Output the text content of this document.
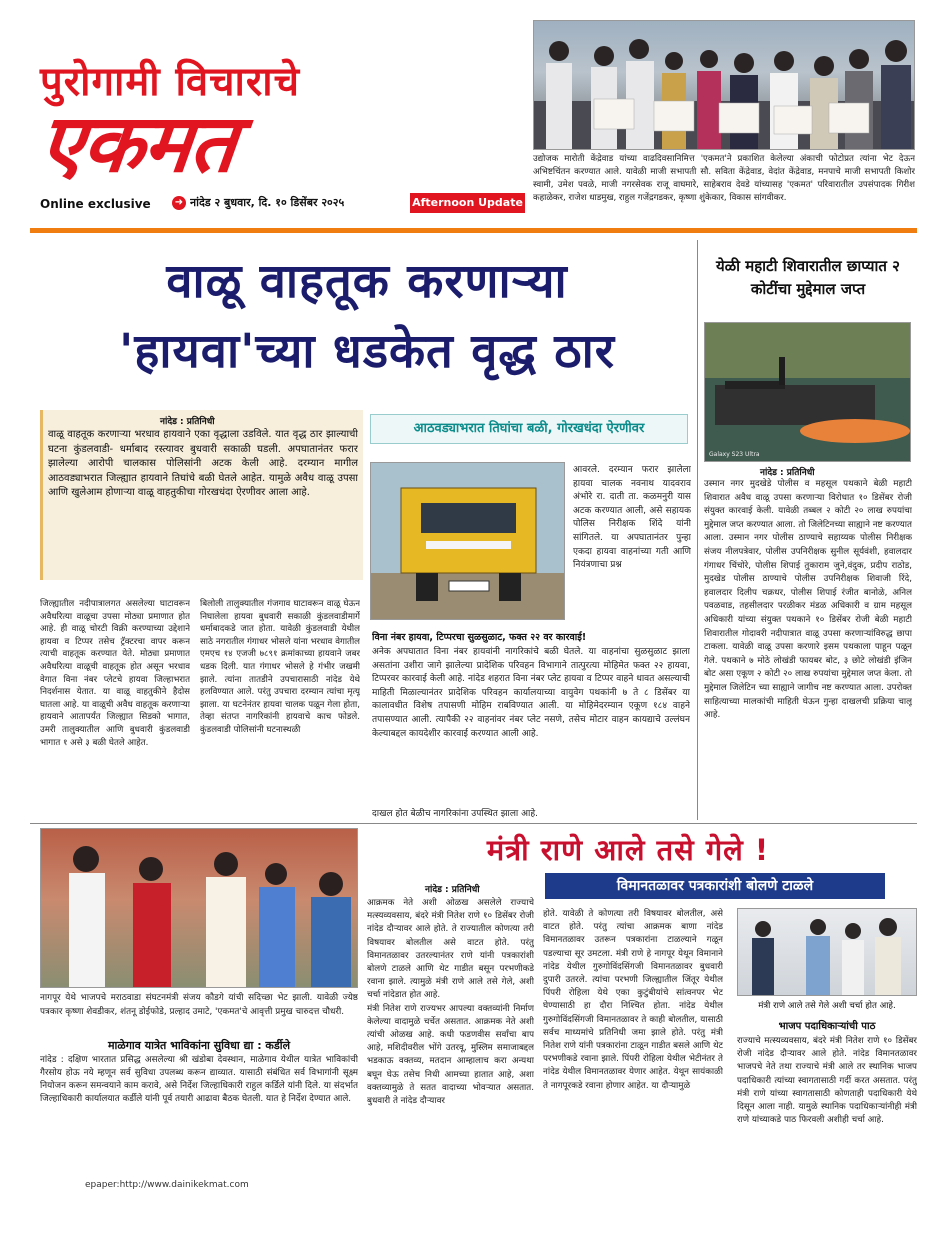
पुरोगामी विचाराचे
एकमत
Online exclusive ➜ नांदेड २ बुधवार, दि. १० डिसेंबर २०२५	Afternoon Update
उद्योजक मारोती केंद्रेवाड यांच्या वाढदिवसानिमित्त 'एकमत'ने प्रकाशित केलेल्या अंकाची फोटोप्रत त्यांना भेट देऊन अभिष्टचिंतन करण्यात आले. यावेळी माजी सभापती सौ. सविता केंद्रेवाड, वेदांत केंद्रेवाड, मनपाचे माजी सभापती किशोर स्वामी, उमेश पवळे, माजी नगरसेवक राजू वाघमारे, साहेबराव देवडे यांच्यासह 'एकमत' परिवारातील उपसंपादक गिरीश कहाळेकर, राजेश धाडमुख, राहुल गजेंद्रगडकर, कृष्णा शुंकेकार, विकास सांगवीकर.
वाळू वाहतूक करणाऱ्या
'हायवा'च्या धडकेत वृद्ध ठार
नांदेड : प्रतिनिधी
वाळू वाहतूक करणाऱ्या भरधाव हायवाने एका वृद्धाला उडविले. यात वृद्ध ठार झाल्याची घटना कुंडलवाडी- धर्माबाद रस्त्यावर बुधवारी सकाळी घडली. अपघातानंतर फरार झालेल्या आरोपी चालकास पोलिसांनी अटक केली आहे. दरम्यान मागील आठवड्याभरात जिल्ह्यात हायवाने तिघांचे बळी घेतले आहेत. यामुळे अवैध वाळू उपसा आणि खुलेआम होणाऱ्या वाळू वाहतुकीचा गोरखधंदा ऐरणीवर आला आहे.
आठवड्याभरात तिघांचा बळी, गोरखधंदा ऐरणीवर
आवरले. दरम्यान फरार झालेला हायवा चालक नवनाथ यादवराव अंभोरे रा. दाती ता. कळमनुरी यास अटक करण्यात आली, असे सहायक पोलिस निरीक्षक शिंदे यांनी सांगितले. या अपघातानंतर पुन्हा एकदा हायवा वाहनांच्या गती आणि नियंत्रणाचा प्रश्न
जिल्ह्यातील नदीपात्रालगत असलेल्या घाटावरून अवैधरित्या वाळूचा उपसा मोठ्या प्रमाणात होत आहे. ही वाळू चोरटी विक्री करण्याच्या उद्देशाने हायवा व टिप्पर तसेच ट्रॅक्टरचा वापर करून त्याची वाहतूक करण्यात येते. मोठ्या प्रमाणात अवैधरित्या वाळूची वाहतूक होत असून भरधाव वेगात विना नंबर प्लेटचे हायवा जिल्हाभरात निदर्शनास येतात. या वाळू वाहतुकीने हैदोस घातला आहे. या वाळूची अवैध वाहतूक करणाऱ्या हायवाने आतापर्यंत जिल्ह्यात सिडको भागात, उमरी तालुक्यातील आणि बुधवारी कुंडलवाडी भागात १ असे ३ बळी घेतले आहेत.
बिलोली तालुक्यातील गंजगाव घाटावरून वाळू घेऊन निघालेला हायवा बुधवारी सकाळी कुंडलवाडीमार्गे धर्माबादकडे जात होता. यावेळी कुंडलवाडी येथील साठे नगरातील गंगाधर भोसले यांना भरधाव वेगातील एमएच १४ एजजी ७८९१ क्रमांकाच्या हायवाने जबर धडक दिली. यात गंगाधर भोसले हे गंभीर जखमी झाले. त्यांना तातडीने उपचारासाठी नांदेड येथे हलविण्यात आले. परंतु उपचारा दरम्यान त्यांचा मृत्यू झाला. या घटनेनंतर हायवा चालक पळून गेला होता, तेव्हा संतप्त नागरिकांनी हायवाचे काच फोडले. कुंडलवाडी पोलिसांनी घटनास्थळी
विना नंबर हायवा, टिप्परचा सुळसुळाट, फक्त २२ वर कारवाई!
अनेक अपघातात विना नंबर हायवांनी नागरिकांचे बळी घेतले. या वाहनांचा सुळसुळाट झाला असतांना उशीरा जागे झालेल्या प्रादेशिक परिवहन विभागाने तात्पुरत्या मोहिमेत फक्त २२ हायवा, टिप्परवर कारवाई केली आहे. नांदेड शहरात विना नंबर प्लेट हायवा व टिप्पर वाहने धावत असल्याची माहिती मिळाल्यानंतर प्रादेशिक परिवहन कार्यालयाच्या वायुवेग पथकांनी ७ ते ८ डिसेंबर या कालावधीत विशेष तपासणी मोहिम राबविण्यात आली. या मोहिमेदरम्यान एकूण १८४ वाहने तपासण्यात आली. त्यापैकी २२ वाहनांवर नंबर प्लेट नसणे, तसेच मोटार वाहन कायद्याचे उल्लंघन केल्याबद्दल कायदेशीर कारवाई करण्यात आली आहे.
दाखल होत बेळीच नागरिकांना उपस्थित झाला आहे.
येळी महाटी शिवारातील छाप्यात २ कोटींचा मुद्देमाल जप्त
Galaxy S23 Ultra
नांदेड : प्रतिनिधी
उस्मान नगर मुदखेडे पोलीस व महसूल पथकाने बेळी महाटी शिवारात अवैध वाळू उपसा करणाऱ्या विरोधात १० डिसेंबर रोजी संयुक्त कारवाई केली. यावेळी तब्बल २ कोटी २० लाख रुपयांचा मुद्देमाल जप्त करण्यात आला. तो जिलेटिनच्या साह्याने नष्ट करण्यात आला. उस्मान नगर पोलीस ठाण्याचे सहाय्यक पोलीस निरीक्षक संजय नीलपत्रेवार, पोलीस उपनिरीक्षक सुनील सूर्यवंशी, हवालदार गंगाधर चिंचोरे, पोलीस शिपाई तुकाराम जुने,वंदुक, प्रदीप राठोड, मुदखेड पोलीस ठाण्याचे पोलीस उपनिरीक्षक शिवाजी रिंदे, हवालदार दिलीप चक्रधर, पोलीस शिपाई रंजीत बानोळे, अनिल पवळवाड, तहसीलदार परळीकर मंडळ अधिकारी व ग्राम महसूल अधिकारी यांच्या संयुक्त पथकाने १० डिसेंबर रोजी बेळी महाटी शिवारातील गोदावरी नदीपात्रात वाळू उपसा करणाऱ्यांविरुद्ध छापा टाकला. यावेळी वाळू उपसा करणारे इसम पथकाला पाहून पळून गेले. पथकाने ७ मोठे लोखंडी फायबर बोट, ३ छोटे लोखंडी इंजिन बोट असा एकूण २ कोटी २० लाख रुपयांचा मुद्देमाल जप्त केला. तो मुद्देमाल जिलेटिन च्या साह्याने जागीच नष्ट करण्यात आला. उपरोक्त साहित्याच्या मालकांची माहिती घेऊन गुन्हा दाखलची प्रक्रिया चालू आहे.
नागपूर येथे भाजपचे मराठवाडा संघटनमंत्री संजय कौडगे यांची सदिच्छा भेट झाली. यावेळी ज्येष्ठ पत्रकार कृष्णा शेवडीकर, शंतनू डोईफोडे, प्रल्हाद उमाटे, 'एकमत'चे आवृत्ती प्रमुख चारुदत्त चौधरी.
माळेगाव यात्रेत भाविकांना सुविधा द्या : कर्डीले
नांदेड : दक्षिण भारतात प्रसिद्ध असलेल्या श्री खंडोबा देवस्थान, माळेगाव येथील यात्रेत भाविकांची गैरसोय होऊ नये म्हणून सर्व सुविधा उपलब्ध करून द्याव्यात. यासाठी संबंधित सर्व विभागांनी सूक्ष्म नियोजन करून समन्वयाने काम करावे, असे निर्देश जिल्हाधिकारी राहुल कर्डिले यांनी दिले. या संदर्भात जिल्हाधिकारी कार्यालयात कर्डीले यांनी पूर्व तयारी आढावा बैठक घेतली. यात हे निर्देश देण्यात आले.
मंत्री राणे आले तसे गेले !
विमानतळावर पत्रकारांशी बोलणे टाळले
नांदेड : प्रतिनिधी
आक्रमक नेते अशी ओळख असलेले राज्याचे मत्स्यव्यवसाय, बंदरे मंत्री नितेश राणे १० डिसेंबर रोजी नांदेड दौऱ्यावर आले होते. ते राज्यातील कोणत्या तरी विषयावर बोलतील असे वाटत होते. परंतु विमानतळावर उतरल्यानंतर राणे यांनी पत्रकारांशी बोलणे टाळले आणि थेट गाडीत बसून परभणीकडे रवाना झाले. त्यामुळे मंत्री राणे आले तसे गेले, अशी चर्चा नांदेडात होत आहे.
मंत्री नितेश राणे राज्यभर आपल्या वक्तव्यांनी निर्माण केलेल्या वादामुळे चर्चेत असतात. आक्रमक नेते अशी त्यांची ओळख आहे. कधी फडणवीस सर्वांचा बाप आहे, मशिदीवरील भोंगे उतरवू, मुस्लिम समाजाबद्दल भडकाऊ वक्तव्य, मतदान आम्हालाच करा अन्यथा बघून घेऊ तसेच निधी आमच्या हातात आहे, अशा वक्तव्यामुळे ते सतत वादाच्या भोवऱ्यात असतात. बुधवारी ते नांदेड दौऱ्यावर
होते. यावेळी ते कोणत्या तरी विषयावर बोलतील, असे वाटत होते. परंतु त्यांचा आक्रमक बाणा नांदेड विमानतळावर उतरून पत्रकारांना टाळल्याने गळून पडल्याचा सूर उमटला. मंत्री राणे हे नागपूर येथून विमानाने नांदेड येथील गुरुगोविंदसिंगजी विमानतळावर बुधवारी दुपारी उतरले. त्यांचा परभणी जिल्ह्यातील जिंतूर येथील पिंपरी रोहिला येथे एका कुटुंबीयांचे सांत्वनपर भेट घेण्यासाठी हा दौरा निश्चित होता. नांदेड येथील गुरुगोविंदसिंगजी विमानतळावर ते काही बोलतील, यासाठी सर्वच माध्यमांचे प्रतिनिधी जमा झाले होते. परंतु मंत्री नितेश राणे यांनी पत्रकारांना टाळून गाडीत बसले आणि थेट परभणीकडे रवाना झाले. पिंपरी रोहिला येथील भेटीनंतर ते नांदेड येथील विमानतळावर येणार आहेत. येथून सायंकाळी ते नागपूरकडे रवाना होणार आहेत. या दौऱ्यामुळे
मंत्री राणे आले तसे गेले अशी चर्चा होत आहे.
भाजप पदाधिकाऱ्यांची पाठ
राज्याचे मत्स्यव्यवसाय, बंदरे मंत्री नितेश राणे १० डिसेंबर रोजी नांदेड दौऱ्यावर आले होते. नांदेड विमानतळावर भाजपचे नेते तथा राज्याचे मंत्री आले तर स्थानिक भाजप पदाधिकारी त्यांच्या स्वागतासाठी गर्दी करत असतात. परंतु मंत्री राणे यांच्या स्वागतासाठी कोणताही पदाधिकारी येथे दिसून आला नाही. यामुळे स्थानिक पदाधिकाऱ्यांनीही मंत्री राणे यांच्याकडे पाठ फिरवली अशीही चर्चा आहे.
epaper:http://www.dainikekmat.com
